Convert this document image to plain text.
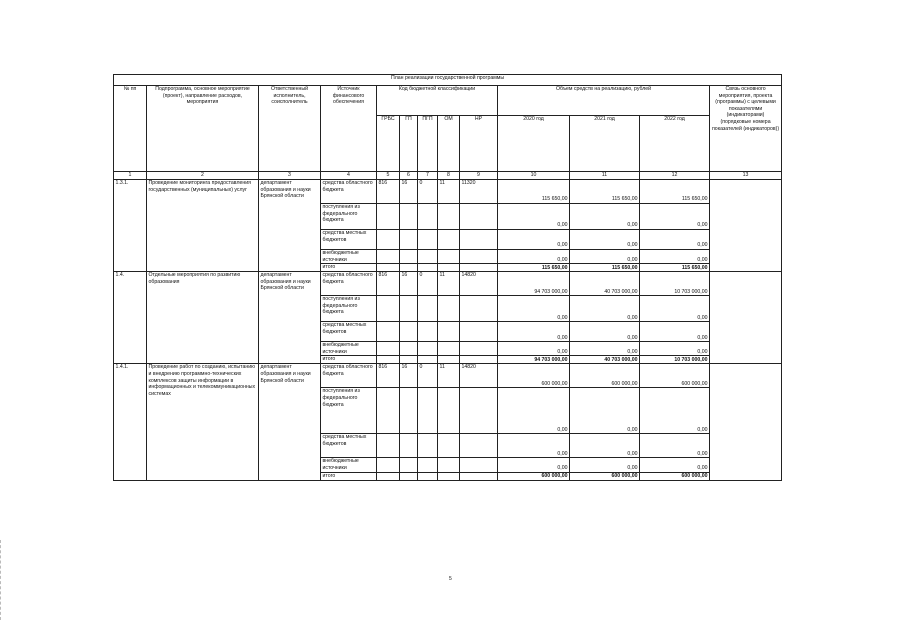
План реализации государственной программы												
№ пп	Подпрограмма, основное мероприятие (проект), направление расходов, мероприятия	Ответственный исполнитель, соисполнитель	Источник финансового обеспечения	Код бюджетной классификации					Объем средств на реализацию, рублей			Связь основного мероприятия, проекта (программы) с целевыми показателями (индикаторами) (порядковые номера показателей (индикаторов))
				ГРБС	ГП	ПГП	ОМ	НР	2020 год	2021 год	2022 год	
1	2	3	4	5	6	7	8	9	10	11	12	13
1.3.1.	Проведение мониторинга предоставления государственных (муниципальных) услуг	департамент образования и науки Брянской области	средства областного бюджета	816	16	0	11	11320	115 650,00	115 650,00	115 650,00	
			поступления из федерального бюджета						0,00	0,00	0,00	
			средства местных бюджетов						0,00	0,00	0,00	
			внебюджетные источники						0,00	0,00	0,00	
			итого						115 650,00	115 650,00	115 650,00	
1.4.	Отдельные мероприятия по развитию образования	департамент образования и науки Брянской области	средства областного бюджета	816	16	0	11	14820	94 703 000,00	40 703 000,00	10 703 000,00	
			поступления из федерального бюджета						0,00	0,00	0,00	
			средства местных бюджетов						0,00	0,00	0,00	
			внебюджетные источники						0,00	0,00	0,00	
			итого						94 703 000,00	40 703 000,00	10 703 000,00	
1.4.1.	Проведение работ по созданию, испытанию и внедрению программно-технических комплексов защиты информации в информационных и телекоммуникационных системах	департамент образования и науки Брянской области	средства областного бюджета	816	16	0	11	14820	600 000,00	600 000,00	600 000,00	
			поступления из федерального бюджета						0,00	0,00	0,00	
			средства местных бюджетов						0,00	0,00	0,00	
			внебюджетные источники						0,00	0,00	0,00	
			итого						600 000,00	600 000,00	600 000,00	
5
